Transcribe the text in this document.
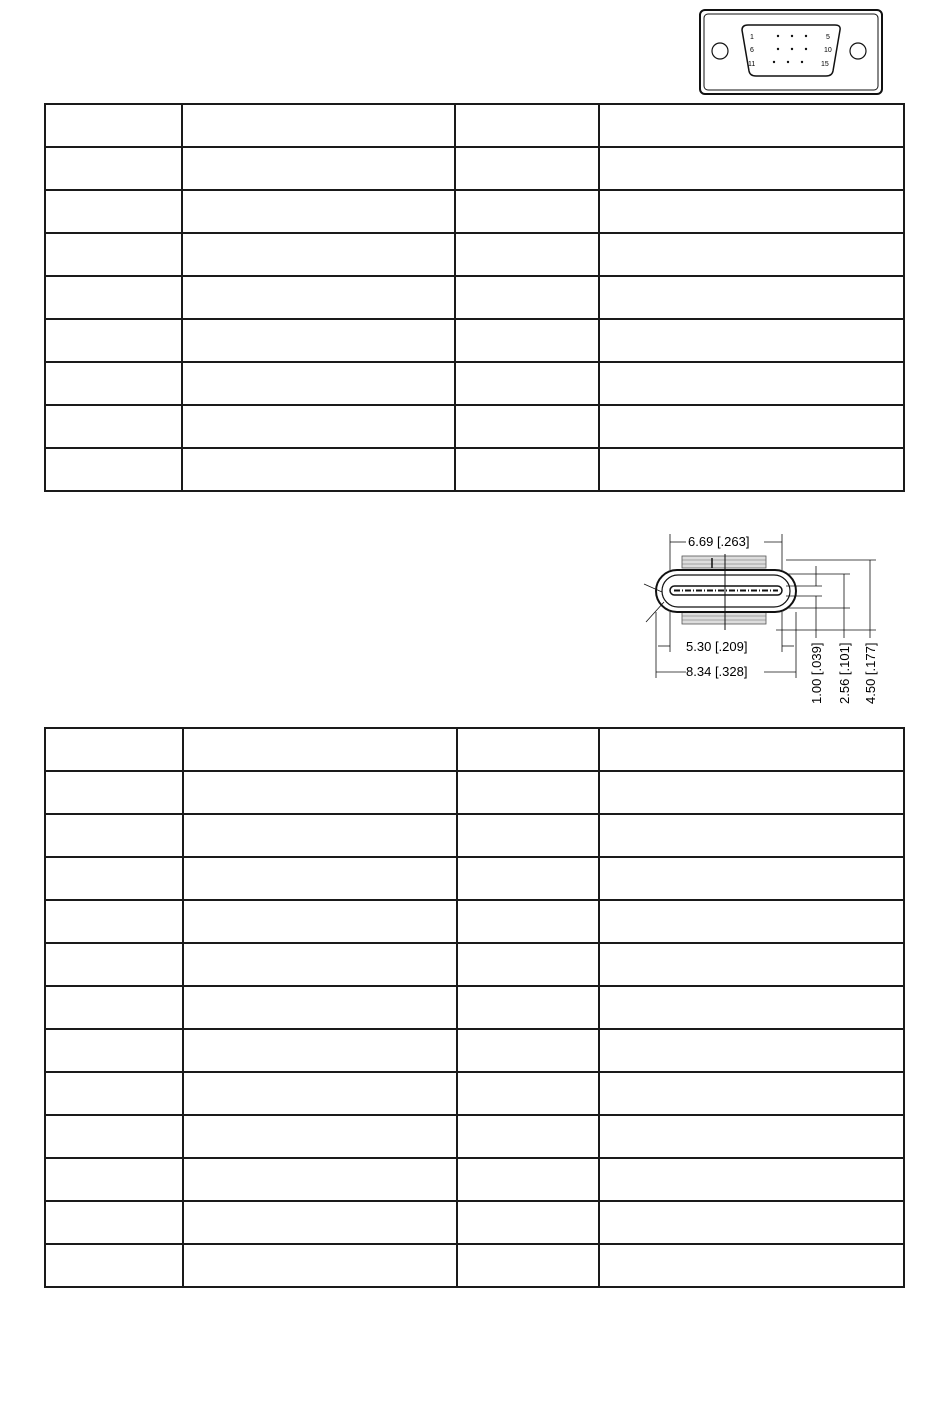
1	5
6	10
11	15

6.69 [.263]
5.30 [.209]
8.34 [.328]
1.00 [.039]
2.56 [.101]
4.50 [.177]
